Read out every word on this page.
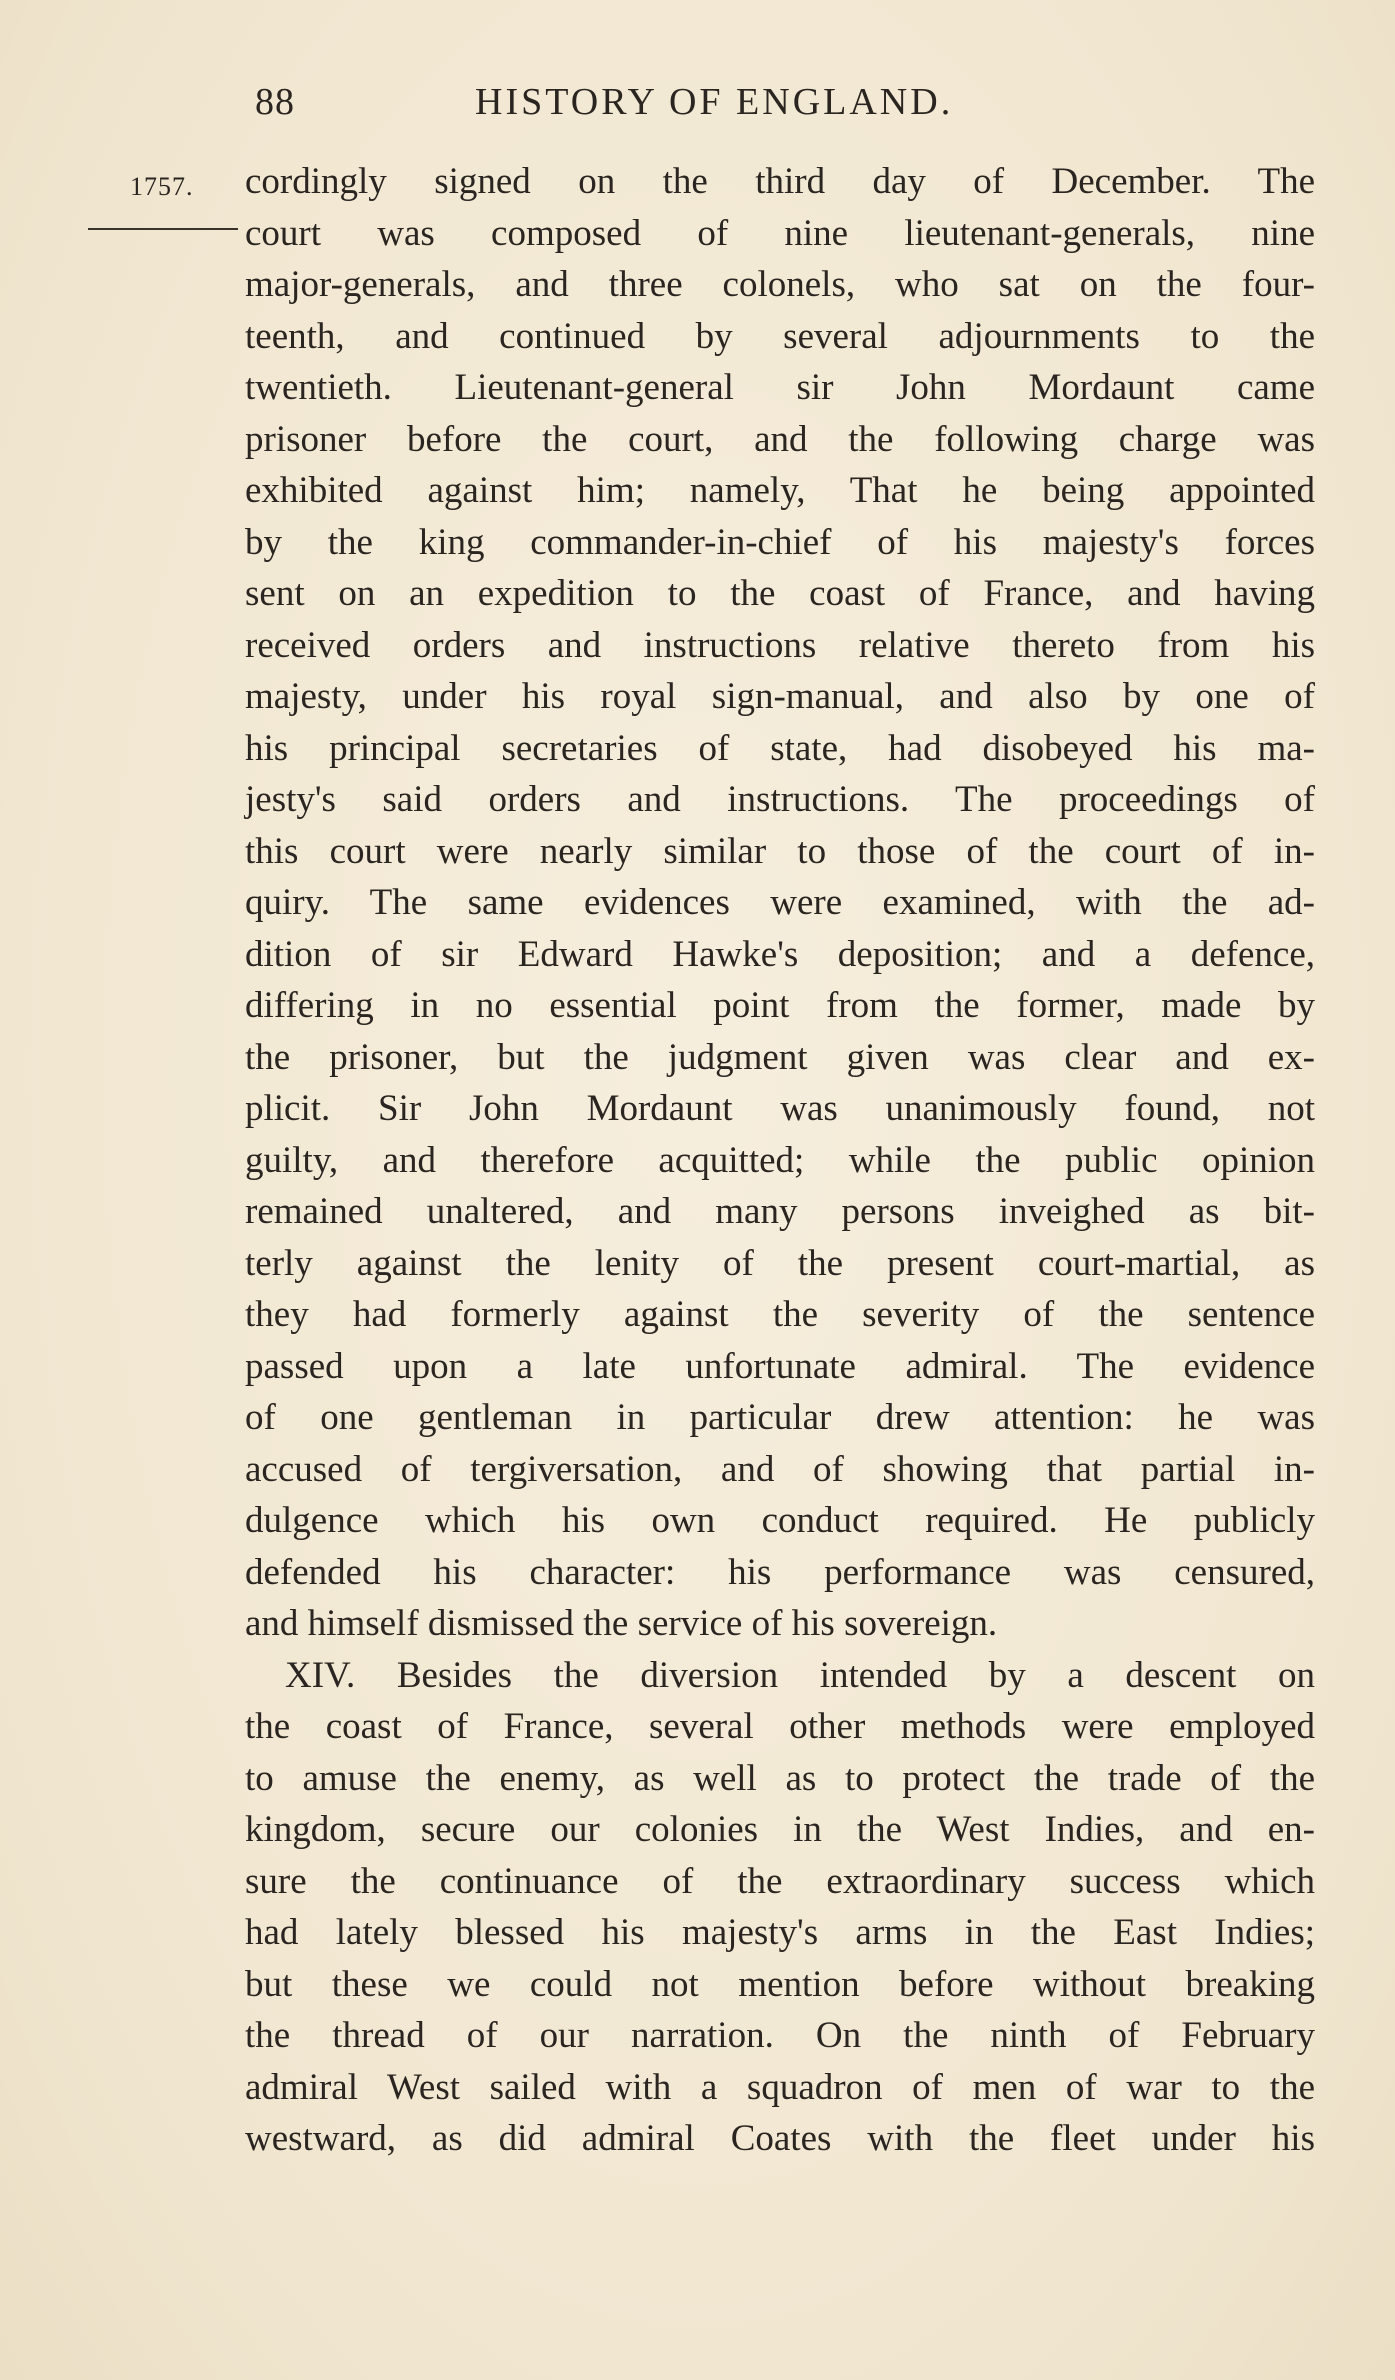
88	HISTORY OF ENGLAND.
1757. cordingly signed on the third day of December. The
court was composed of nine lieutenant-generals, nine
major-generals, and three colonels, who sat on the four-
teenth, and continued by several adjournments to the
twentieth. Lieutenant-general sir John Mordaunt came
prisoner before the court, and the following charge was
exhibited against him; namely, That he being appointed
by the king commander-in-chief of his majesty's forces
sent on an expedition to the coast of France, and having
received orders and instructions relative thereto from his
majesty, under his royal sign-manual, and also by one of
his principal secretaries of state, had disobeyed his ma-
jesty's said orders and instructions. The proceedings of
this court were nearly similar to those of the court of in-
quiry. The same evidences were examined, with the ad-
dition of sir Edward Hawke's deposition; and a defence,
differing in no essential point from the former, made by
the prisoner, but the judgment given was clear and ex-
plicit. Sir John Mordaunt was unanimously found, not
guilty, and therefore acquitted; while the public opinion
remained unaltered, and many persons inveighed as bit-
terly against the lenity of the present court-martial, as
they had formerly against the severity of the sentence
passed upon a late unfortunate admiral. The evidence
of one gentleman in particular drew attention: he was
accused of tergiversation, and of showing that partial in-
dulgence which his own conduct required. He publicly
defended his character: his performance was censured,
and himself dismissed the service of his sovereign.
XIV. Besides the diversion intended by a descent on
the coast of France, several other methods were employed
to amuse the enemy, as well as to protect the trade of the
kingdom, secure our colonies in the West Indies, and en-
sure the continuance of the extraordinary success which
had lately blessed his majesty's arms in the East Indies;
but these we could not mention before without breaking
the thread of our narration. On the ninth of February
admiral West sailed with a squadron of men of war to the
westward, as did admiral Coates with the fleet under his
